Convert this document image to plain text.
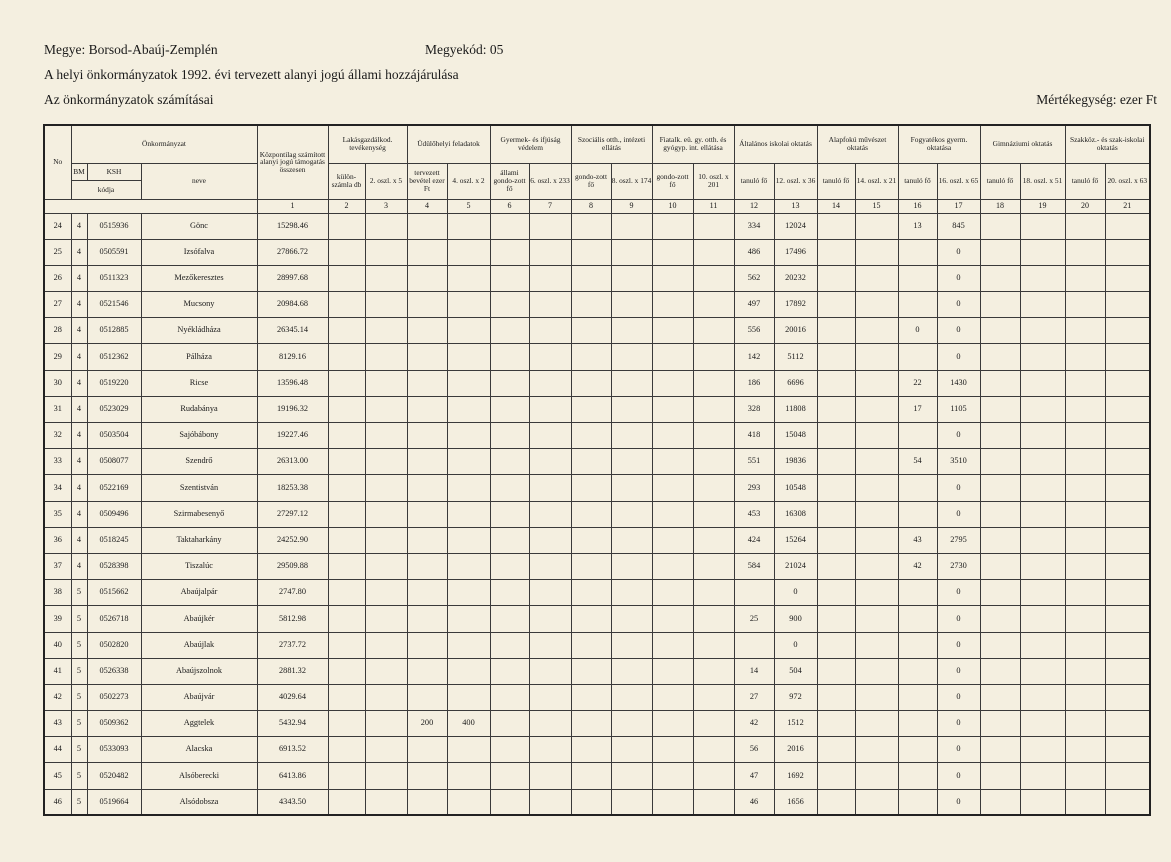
Megye: Borsod-Abaúj-Zemplén	Megyekód: 05
A helyi önkormányzatok 1992. évi tervezett alanyi jogú állami hozzájárulása
Az önkormányzatok számításai	Mértékegység: ezer Ft
No	Önkormányzat			Központilag számított alanyi jogú támogatás összesen	Lakásgazdálkod. tevékenység		Üdülőhelyi feladatok		Gyermek- és ifjúság védelem		Szociális otth., intézeti ellátás		Fiatalk. eü. gy. otth. és gyógyp. int. ellátása		Általános iskolai oktatás		Alapfokú művészet oktatás		Fogyatékos gyerm. oktatása		Gimnáziumi oktatás		Szakköz.- és szak-iskolai oktatás	
	BM	KSH	neve		külön-számla db	2. oszl. x 5	tervezett bevétel ezer Ft	4. oszl. x 2	állami gondo-zott fő	6. oszl. x 233	gondo-zott fő	8. oszl. x 174	gondo-zott fő	10. oszl. x 201	tanuló fő	12. oszl. x 36	tanuló fő	14. oszl. x 21	tanuló fő	16. oszl. x 65	tanuló fő	18. oszl. x 51	tanuló fő	20. oszl. x 63
	kódja																							
				1	2	3	4	5	6	7	8	9	10	11	12	13	14	15	16	17	18	19	20	21
24	4	0515936	Gönc	15298.46											334	12024			13	845				
25	4	0505591	Izsófalva	27866.72											486	17496				0				
26	4	0511323	Mezőkeresztes	28997.68											562	20232				0				
27	4	0521546	Mucsony	20984.68											497	17892				0				
28	4	0512885	Nyékládháza	26345.14											556	20016			0	0				
29	4	0512362	Pálháza	8129.16											142	5112				0				
30	4	0519220	Ricse	13596.48											186	6696			22	1430				
31	4	0523029	Rudabánya	19196.32											328	11808			17	1105				
32	4	0503504	Sajóbábony	19227.46											418	15048				0				
33	4	0508077	Szendrő	26313.00											551	19836			54	3510				
34	4	0522169	Szentistván	18253.38											293	10548				0				
35	4	0509496	Szirmabesenyő	27297.12											453	16308				0				
36	4	0518245	Taktaharkány	24252.90											424	15264			43	2795				
37	4	0528398	Tiszalúc	29509.88											584	21024			42	2730				
38	5	0515662	Abaújalpár	2747.80												0				0				
39	5	0526718	Abaújkér	5812.98											25	900				0				
40	5	0502820	Abaújlak	2737.72												0				0				
41	5	0526338	Abaújszolnok	2881.32											14	504				0				
42	5	0502273	Abaújvár	4029.64											27	972				0				
43	5	0509362	Aggtelek	5432.94			200	400							42	1512				0				
44	5	0533093	Alacska	6913.52											56	2016				0				
45	5	0520482	Alsóberecki	6413.86											47	1692				0				
46	5	0519664	Alsódobsza	4343.50											46	1656				0				
